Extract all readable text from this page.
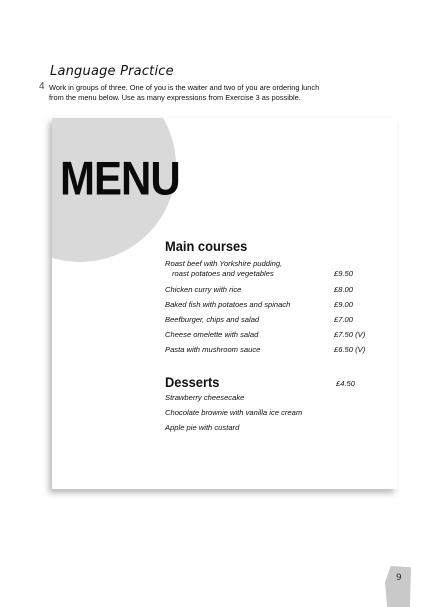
Language Practice
4 Work in groups of three. One of you is the waiter and two of you are ordering lunch
from the menu below. Use as many expressions from Exercise 3 as possible.
MENU
Main courses
Roast beef with Yorkshire pudding,
roast potatoes and vegetables	£9.50
Chicken curry with rice	£8.00
Baked fish with potatoes and spinach	£9.00
Beefburger, chips and salad	£7.00
Cheese omelette with salad	£7.50 (V)
Pasta with mushroom sauce	£6.50 (V)
Desserts	£4.50
Strawberry cheesecake
Chocolate brownie with vanilla ice cream
Apple pie with custard
9
